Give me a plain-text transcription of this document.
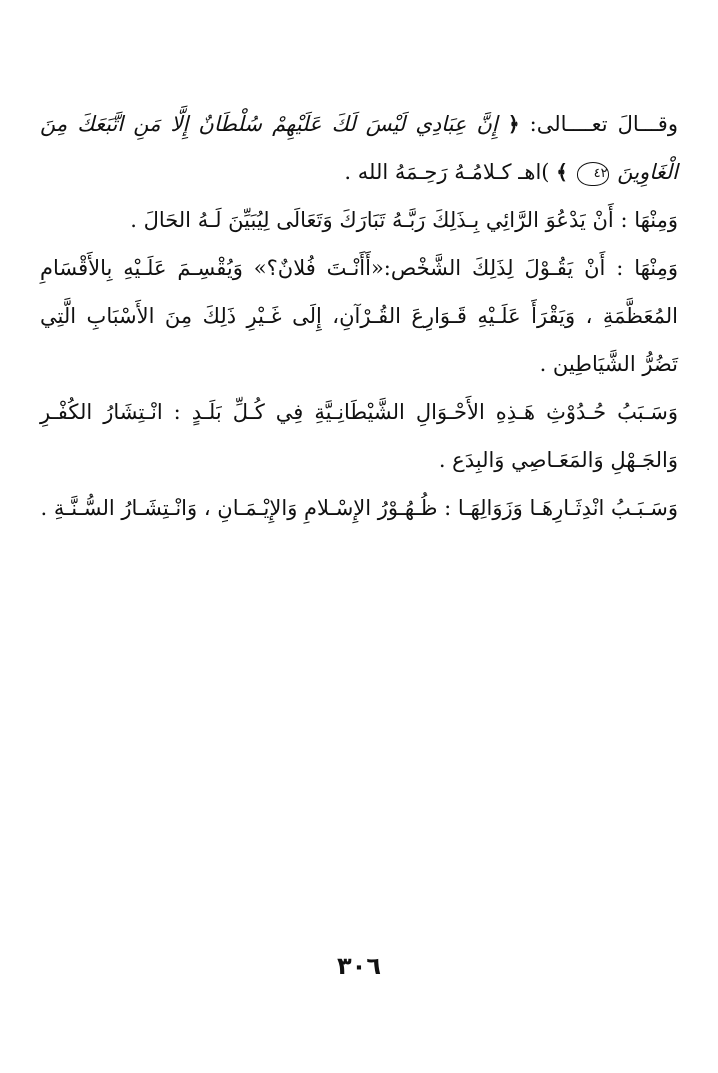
وقـــالَ تعــــالى: ﴿ إِنَّ عِبَادِي لَيْسَ لَكَ عَلَيْهِمْ سُلْطَانٌ إِلَّا مَنِ اتَّبَعَكَ مِنَ الْغَاوِينَ ٤٢ ﴾ )اهـ كـلامُـهُ رَحِـمَهُ الله .

وَمِنْهَا : أَنْ يَدْعُوَ الرَّائِي بِـذَلِكَ رَبَّـهُ تَبَارَكَ وَتَعَالَى لِيُبَيِّنَ لَـهُ الحَالَ .

وَمِنْهَا : أَنْ يَقُـوْلَ لِذَلِكَ الشَّخْص:«أَأَنْـتَ فُلانٌ؟» وَيُقْسِـمَ عَلَـيْهِ بِالأَقْسَامِ المُعَظَّمَةِ ، وَيَقْرَأَ عَلَـيْهِ قَـوَارِعَ القُـرْآنِ، إِلَى غَـيْرِ ذَلِكَ مِنَ الأَسْبَابِ الَّتِي تَضُرُّ الشَّيَاطِين .

وَسَـبَبُ حُـدُوْثِ هَـذِهِ الأَحْـوَالِ الشَّيْطَانِـيَّةِ فِي كُـلِّ بَلَـدٍ : انْـتِشَارُ الكُفْـرِ وَالجَـهْلِ وَالمَعَـاصِي وَالبِدَع .

وَسَـبَـبُ انْدِثَـارِهَـا وَزَوَالِهَـا : ظُـهُـوْرُ الإِسْـلامِ وَالإِيْـمَـانِ ، وَانْـتِشَـارُ السُّـنَّـةِ .

٣٠٦
